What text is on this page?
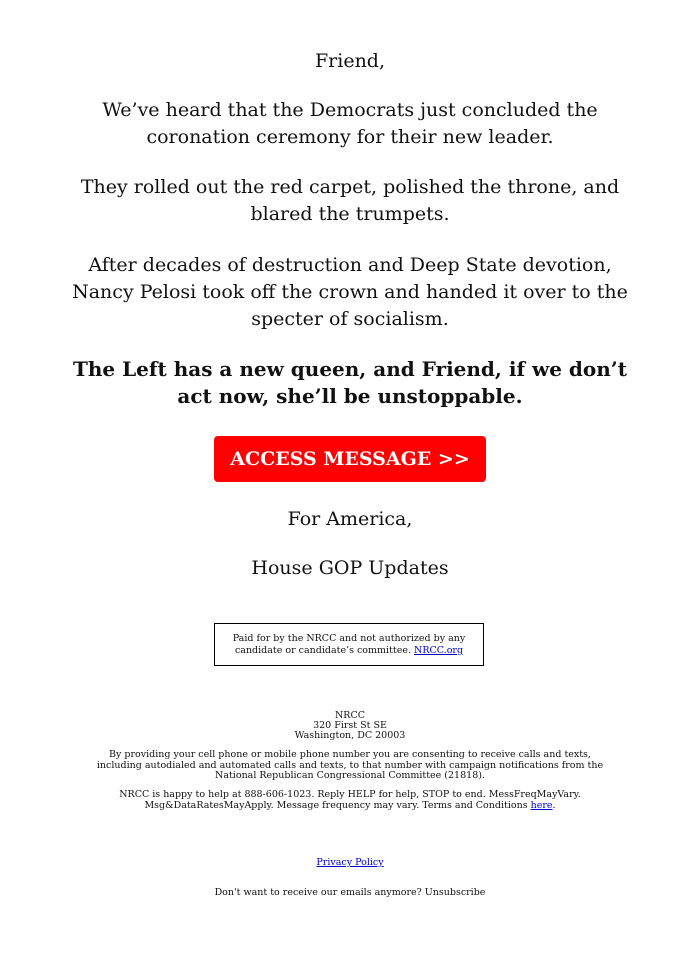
Friend,
We’ve heard that the Democrats just concluded the coronation ceremony for their new leader.
They rolled out the red carpet, polished the throne, and blared the trumpets.
After decades of destruction and Deep State devotion, Nancy Pelosi took off the crown and handed it over to the specter of socialism.
The Left has a new queen, and Friend, if we don’t act now, she’ll be unstoppable.
ACCESS MESSAGE >>
For America,
House GOP Updates
Paid for by the NRCC and not authorized by any candidate or candidate’s committee. NRCC.org
NRCC
320 First St SE
Washington, DC 20003
By providing your cell phone or mobile phone number you are consenting to receive calls and texts, including autodialed and automated calls and texts, to that number with campaign notifications from the National Republican Congressional Committee (21818).
NRCC is happy to help at 888-606-1023. Reply HELP for help, STOP to end. MessFreqMayVary. Msg&DataRatesMayApply. Message frequency may vary. Terms and Conditions here.
Privacy Policy
Don't want to receive our emails anymore? Unsubscribe
